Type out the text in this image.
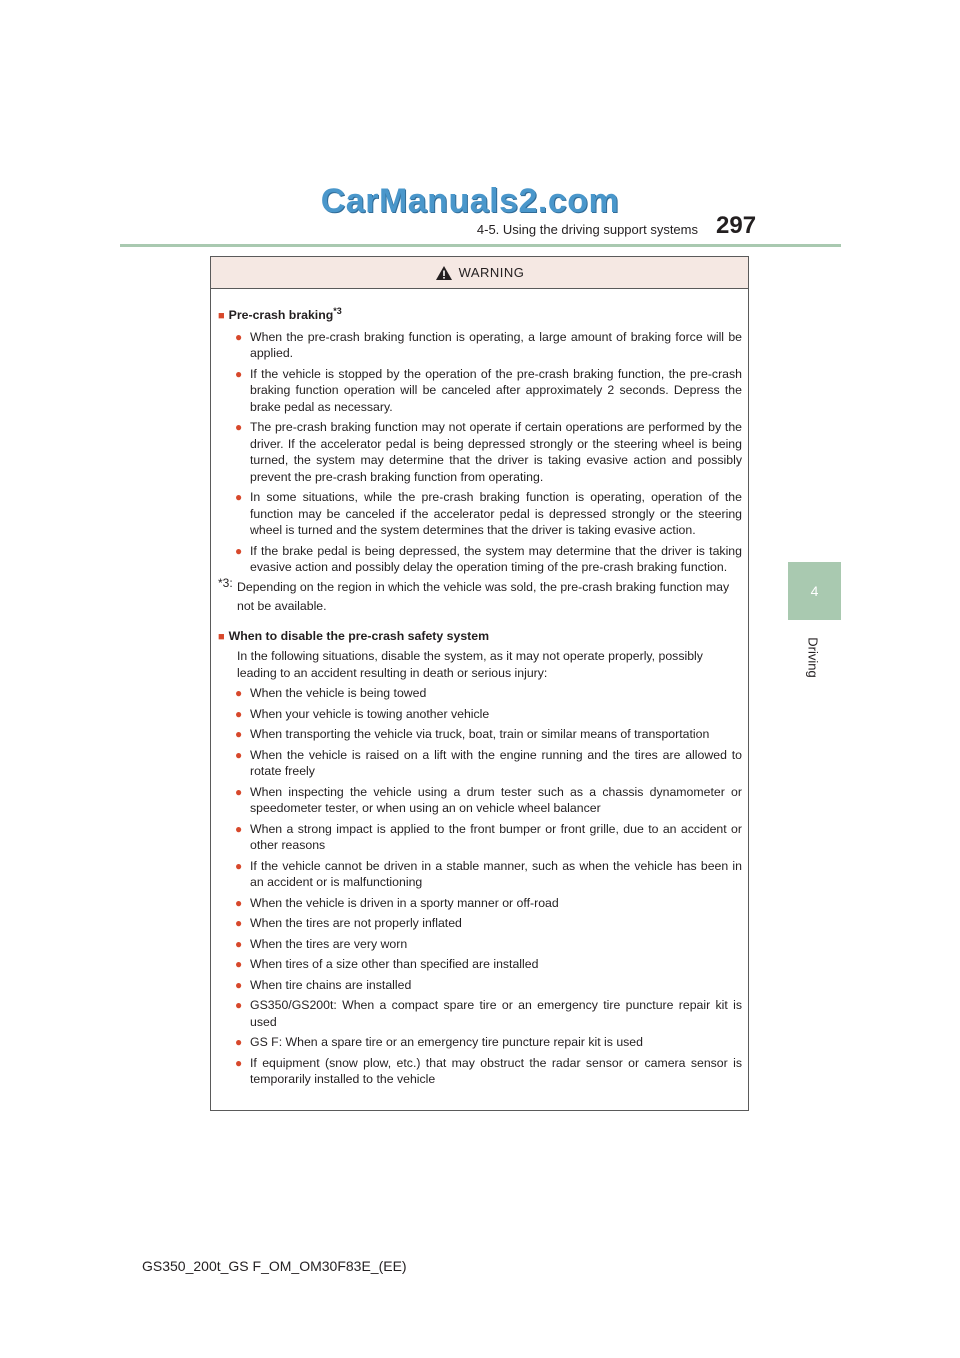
CarManuals2.com
4-5. Using the driving support systems 297
4
Driving
WARNING
■ Pre-crash braking$^{*3}$
● When the pre-crash braking function is operating, a large amount of braking force will be applied.
● If the vehicle is stopped by the operation of the pre-crash braking function, the pre-crash braking function operation will be canceled after approximately 2 seconds. Depress the brake pedal as necessary.
● The pre-crash braking function may not operate if certain operations are performed by the driver. If the accelerator pedal is being depressed strongly or the steering wheel is being turned, the system may determine that the driver is taking evasive action and possibly prevent the pre-crash braking function from operating.
● In some situations, while the pre-crash braking function is operating, operation of the function may be canceled if the accelerator pedal is depressed strongly or the steering wheel is turned and the system determines that the driver is taking evasive action.
● If the brake pedal is being depressed, the system may determine that the driver is taking evasive action and possibly delay the operation timing of the pre-crash braking function.
*3: Depending on the region in which the vehicle was sold, the pre-crash braking function may not be available.
■ When to disable the pre-crash safety system
In the following situations, disable the system, as it may not operate properly, possibly leading to an accident resulting in death or serious injury:
● When the vehicle is being towed
● When your vehicle is towing another vehicle
● When transporting the vehicle via truck, boat, train or similar means of transportation
● When the vehicle is raised on a lift with the engine running and the tires are allowed to rotate freely
● When inspecting the vehicle using a drum tester such as a chassis dynamometer or speedometer tester, or when using an on vehicle wheel balancer
● When a strong impact is applied to the front bumper or front grille, due to an accident or other reasons
● If the vehicle cannot be driven in a stable manner, such as when the vehicle has been in an accident or is malfunctioning
● When the vehicle is driven in a sporty manner or off-road
● When the tires are not properly inflated
● When the tires are very worn
● When tires of a size other than specified are installed
● When tire chains are installed
● GS350/GS200t: When a compact spare tire or an emergency tire puncture repair kit is used
● GS F: When a spare tire or an emergency tire puncture repair kit is used
● If equipment (snow plow, etc.) that may obstruct the radar sensor or camera sensor is temporarily installed to the vehicle
GS350_200t_GS F_OM_OM30F83E_(EE)
